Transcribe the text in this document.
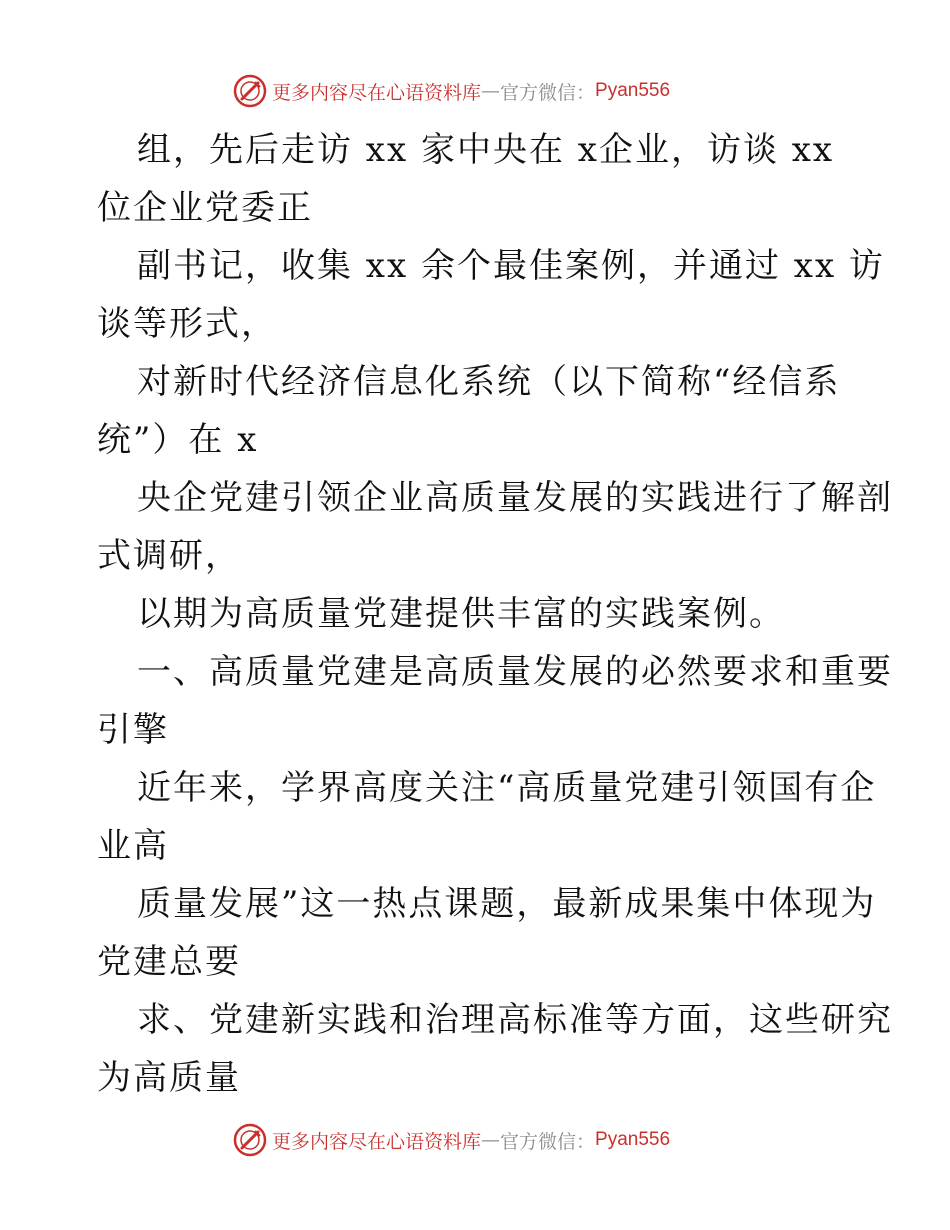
更多内容尽在心语资料库 — 官方微信： Pyan556

组，先后走访 xx 家中央在 x企业，访谈 xx
位企业党委正

副书记，收集 xx 余个最佳案例，并通过 xx 访
谈等形式，

对新时代经济信息化系统（以下简称“经信系
统”）在 x

央企党建引领企业高质量发展的实践进行了解剖
式调研，

以期为高质量党建提供丰富的实践案例。

一、高质量党建是高质量发展的必然要求和重要
引擎

近年来，学界高度关注“高质量党建引领国有企
业高

质量发展”这一热点课题，最新成果集中体现为
党建总要

求、党建新实践和治理高标准等方面，这些研究
为高质量

更多内容尽在心语资料库 — 官方微信： Pyan556
